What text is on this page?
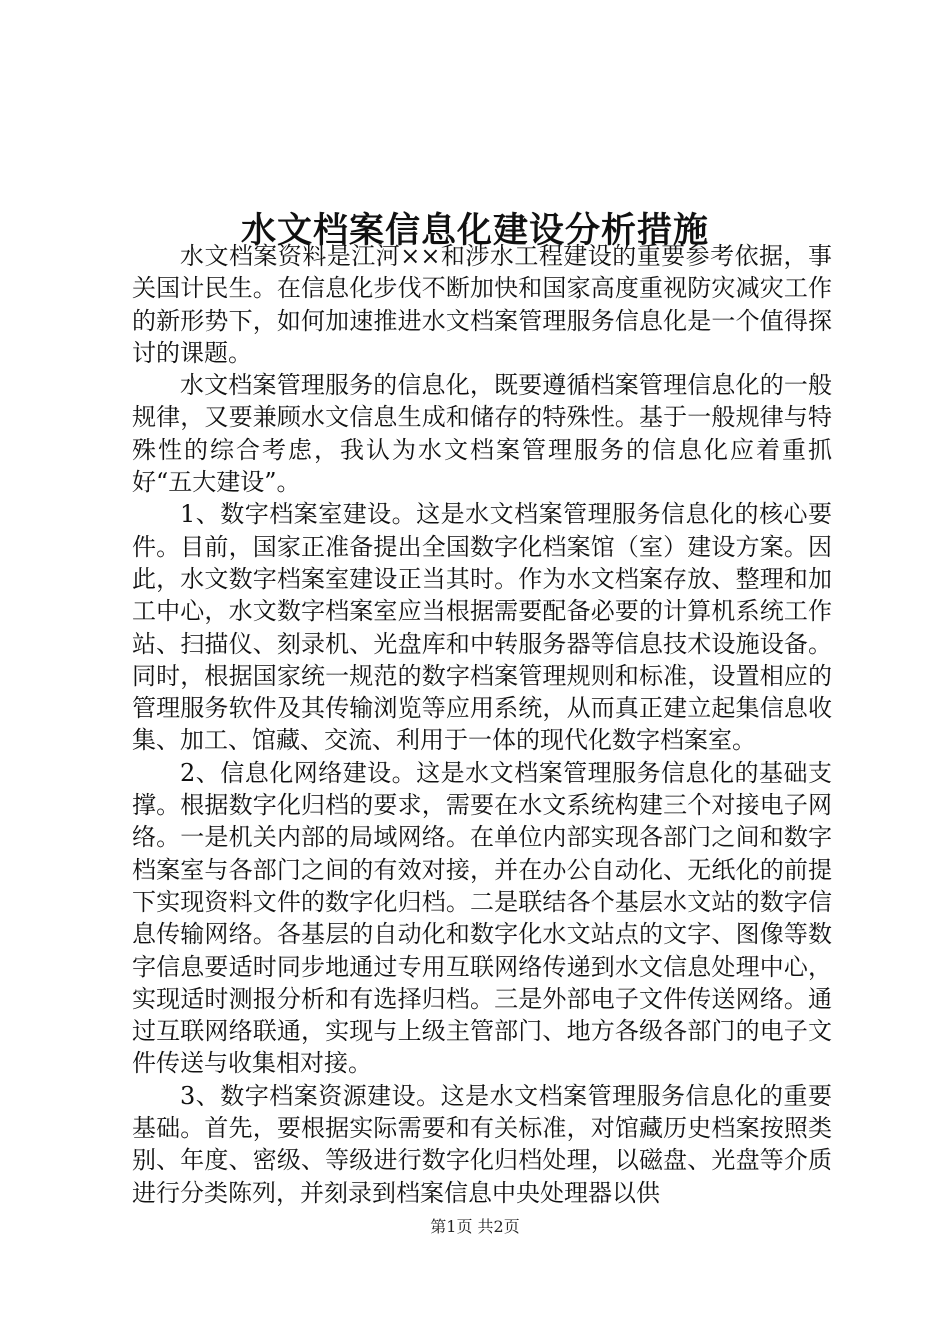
水文档案信息化建设分析措施

水文档案资料是江河××和涉水工程建设的重要参考依据，事关国计民生。在信息化步伐不断加快和国家高度重视防灾减灾工作的新形势下，如何加速推进水文档案管理服务信息化是一个值得探讨的课题。

水文档案管理服务的信息化，既要遵循档案管理信息化的一般规律，又要兼顾水文信息生成和储存的特殊性。基于一般规律与特殊性的综合考虑，我认为水文档案管理服务的信息化应着重抓好“五大建设”。

1、数字档案室建设。这是水文档案管理服务信息化的核心要件。目前，国家正准备提出全国数字化档案馆（室）建设方案。因此，水文数字档案室建设正当其时。作为水文档案存放、整理和加工中心，水文数字档案室应当根据需要配备必要的计算机系统工作站、扫描仪、刻录机、光盘库和中转服务器等信息技术设施设备。同时，根据国家统一规范的数字档案管理规则和标准，设置相应的管理服务软件及其传输浏览等应用系统，从而真正建立起集信息收集、加工、馆藏、交流、利用于一体的现代化数字档案室。

2、信息化网络建设。这是水文档案管理服务信息化的基础支撑。根据数字化归档的要求，需要在水文系统构建三个对接电子网络。一是机关内部的局域网络。在单位内部实现各部门之间和数字档案室与各部门之间的有效对接，并在办公自动化、无纸化的前提下实现资料文件的数字化归档。二是联结各个基层水文站的数字信息传输网络。各基层的自动化和数字化水文站点的文字、图像等数字信息要适时同步地通过专用互联网络传递到水文信息处理中心，实现适时测报分析和有选择归档。三是外部电子文件传送网络。通过互联网络联通，实现与上级主管部门、地方各级各部门的电子文件传送与收集相对接。

3、数字档案资源建设。这是水文档案管理服务信息化的重要基础。首先，要根据实际需要和有关标准，对馆藏历史档案按照类别、年度、密级、等级进行数字化归档处理，以磁盘、光盘等介质进行分类陈列，并刻录到档案信息中央处理器以供

第1页 共2页
